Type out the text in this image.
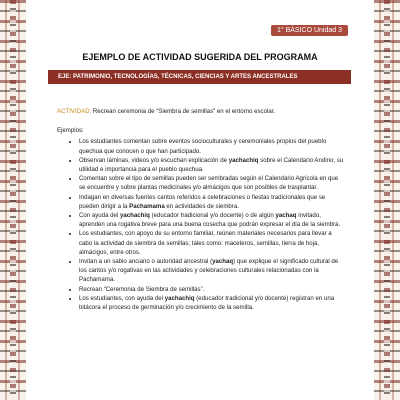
1° BÁSICO Unidad 3
EJEMPLO DE ACTIVIDAD SUGERIDA DEL PROGRAMA
EJE: PATRIMONIO, TECNOLOGÍAS, TÉCNICAS, CIENCIAS Y ARTES ANCESTRALES

ACTIVIDAD: Recrean ceremonia de “Siembra de semillas” en el entorno escolar.

Ejemplos:

• Los estudiantes comentan sobre eventos socioculturales y ceremoniales propios del pueblo quechua que conocen o que han participado.
• Observan láminas, videos y/o escuchan explicación de yachachiq sobre el Calendario Andino, su utilidad e importancia para el pueblo quechua.
• Comentan sobre el tipo de semillas pueden ser sembradas según el Calendario Agrícola en que se encuentre y sobre plantas medicinales y/o almácigos que son posibles de trasplantar.
• Indagan en diversas fuentes cantos referidos a celebraciones o fiestas tradicionales que se pueden dirigir a la Pachamama en actividades de siembra.
• Con ayuda del yachachiq (educador tradicional y/o docente) o de algún yachaq invitado, aprenden una rogativa breve para una buena cosecha que podrán expresar el día de la siembra.
• Los estudiantes, con apoyo de su entorno familiar, reúnen materiales necesarios para llevar a cabo la actividad de siembra de semillas; tales como: maceteros, semillas, tierra de hoja, almácigos, entre otros.
• Invitan a un sabio anciano o autoridad ancestral (yachaq) que explique el significado cultural de los cantos y/o rogativas en las actividades y celebraciones culturales relacionadas con la Pachamama.
• Recrean “Ceremonia de Siembra de semillas”.
• Los estudiantes, con ayuda del yachachiq (educador tradicional y/o docente) registran en una bitácora el proceso de germinación y/o crecimiento de la semilla.
